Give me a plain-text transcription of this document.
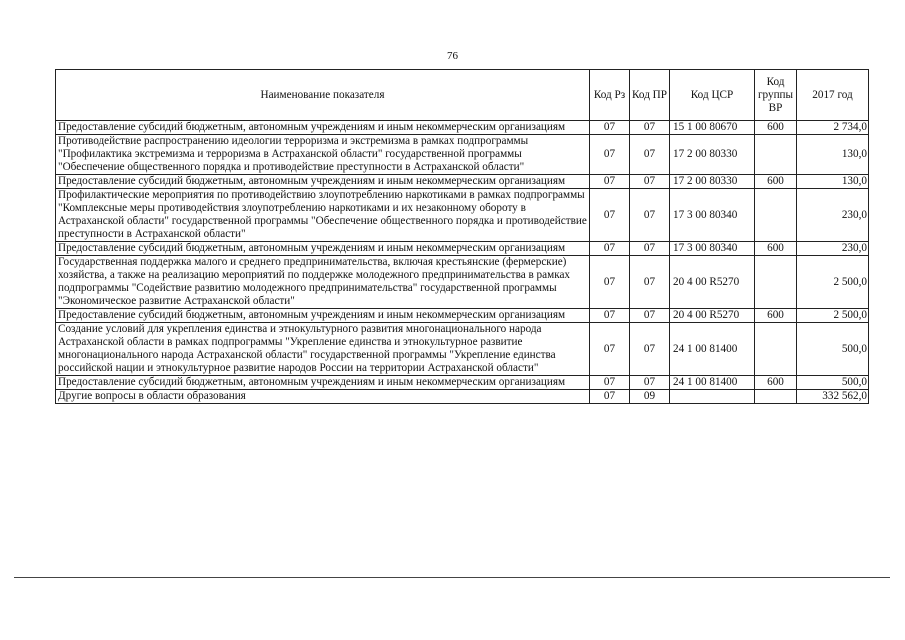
76
Наименование показателя	Код Рз	Код ПР	Код ЦСР	Код группы ВР	2017 год
Предоставление субсидий бюджетным, автономным учреждениям и иным некоммерческим организациям	07	07	15 1 00 80670	600	2 734,0
Противодействие распространению идеологии терроризма и экстремизма в рамках подпрограммы "Профилактика экстремизма и терроризма в Астраханской области" государственной программы "Обеспечение общественного порядка и противодействие преступности в Астраханской области"	07	07	17 2 00 80330		130,0
Предоставление субсидий бюджетным, автономным учреждениям и иным некоммерческим организациям	07	07	17 2 00 80330	600	130,0
Профилактические мероприятия по противодействию злоупотреблению наркотиками в рамках подпрограммы "Комплексные меры противодействия злоупотреблению наркотиками и их незаконному обороту в Астраханской области" государственной программы "Обеспечение общественного порядка и противодействие преступности в Астраханской области"	07	07	17 3 00 80340		230,0
Предоставление субсидий бюджетным, автономным учреждениям и иным некоммерческим организациям	07	07	17 3 00 80340	600	230,0
Государственная поддержка малого и среднего предпринимательства, включая крестьянские (фермерские) хозяйства, а также на реализацию мероприятий по поддержке молодежного предпринимательства в рамках подпрограммы "Содействие развитию молодежного предпринимательства" государственной программы "Экономическое развитие Астраханской области"	07	07	20 4 00 R5270		2 500,0
Предоставление субсидий бюджетным, автономным учреждениям и иным некоммерческим организациям	07	07	20 4 00 R5270	600	2 500,0
Создание условий для укрепления единства и этнокультурного развития многонационального народа Астраханской области в рамках подпрограммы "Укрепление единства и этнокультурное развитие многонационального народа Астраханской области" государственной программы "Укрепление единства российской нации и этнокультурное развитие народов России на территории Астраханской области"	07	07	24 1 00 81400		500,0
Предоставление субсидий бюджетным, автономным учреждениям и иным некоммерческим организациям	07	07	24 1 00 81400	600	500,0
Другие вопросы в области образования	07	09			332 562,0
